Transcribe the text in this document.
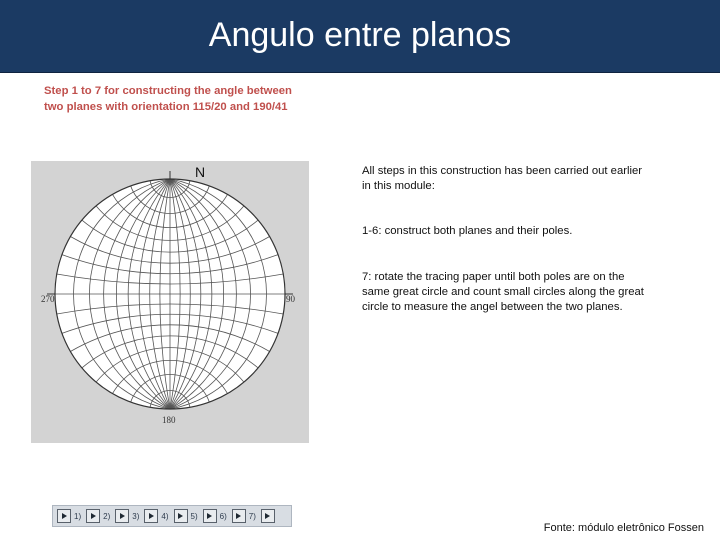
Angulo entre planos
Step 1 to 7 for constructing the angle between two planes with orientation 115/20 and 190/41
N
270	90
180
All steps in this construction has been carried out earlier in this module:
1-6: construct both planes and their poles.
7: rotate the tracing paper until both poles are on the same great circle and count small circles along the great circle to measure the angel between the two planes.
1)	2)	3)	4)	5)	6)	7)
Fonte: módulo eletrônico Fossen
